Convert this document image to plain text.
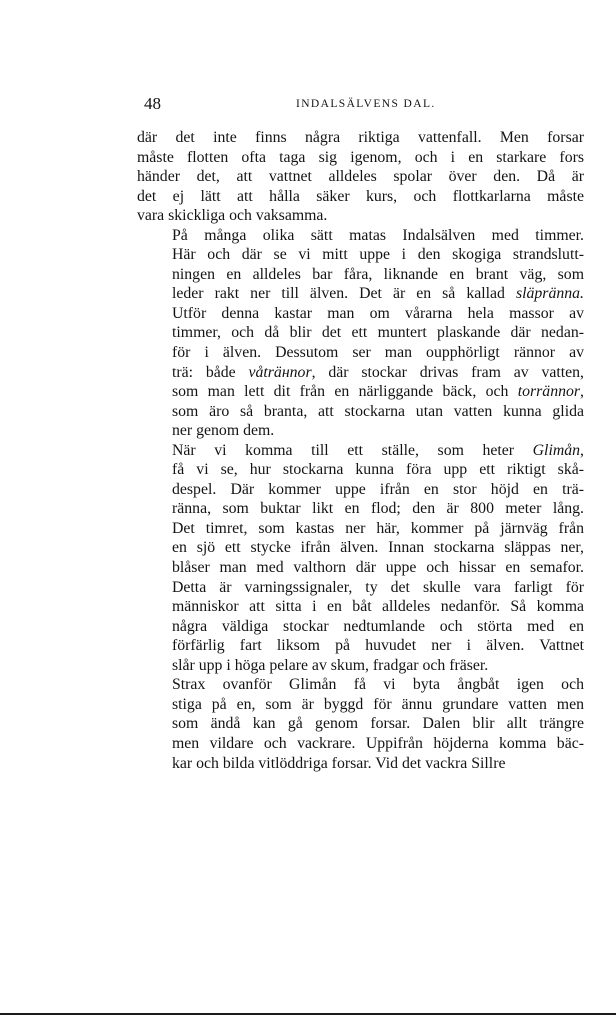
48	INDALSÄLVENS DAL.

där det inte finns några riktiga vattenfall. Men forsar
måste flotten ofta taga sig igenom, och i en starkare fors
händer det, att vattnet alldeles spolar över den. Då är
det ej lätt att hålla säker kurs, och flottkarlarna måste
vara skickliga och vaksamma.

På många olika sätt matas Indalsälven med timmer.
Här och där se vi mitt uppe i den skogiga strandslutt-
ningen en alldeles bar fåra, liknande en brant väg, som
leder rakt ner till älven. Det är en så kallad släpränna.
Utför denna kastar man om vårarna hela massor av
timmer, och då blir det ett muntert plaskande där nedan-
för i älven. Dessutom ser man oupphörligt rännor av
trä: både våträнnor, där stockar drivas fram av vatten,
som man lett dit från en närliggande bäck, och torrännor,
som äro så branta, att stockarna utan vatten kunna glida
ner genom dem.

När vi komma till ett ställe, som heter Glimån,
få vi se, hur stockarna kunna föra upp ett riktigt skå-
despel. Där kommer uppe ifrån en stor höjd en trä-
ränna, som buktar likt en flod; den är 800 meter lång.
Det timret, som kastas ner här, kommer på järnväg från
en sjö ett stycke ifrån älven. Innan stockarna släppas ner,
blåser man med valthorn där uppe och hissar en semafor.
Detta är varningssignaler, ty det skulle vara farligt för
människor att sitta i en båt alldeles nedanför. Så komma
några väldiga stockar nedtumlande och störta med en
förfärlig fart liksom på huvudet ner i älven. Vattnet
slår upp i höga pelare av skum, fradgar och fräser.

Strax ovanför Glimån få vi byta ångbåt igen och
stiga på en, som är byggd för ännu grundare vatten men
som ändå kan gå genom forsar. Dalen blir allt trängre
men vildare och vackrare. Uppifrån höjderna komma bäc-
kar och bilda vitlöddriga forsar. Vid det vackra Sillre
